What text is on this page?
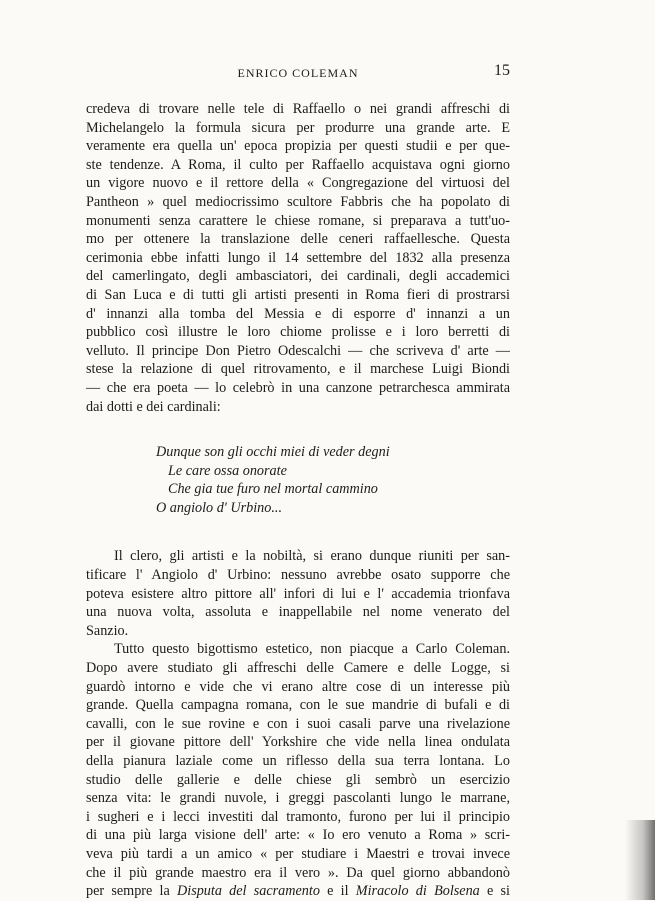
ENRICO COLEMAN	15
credeva di trovare nelle tele di Raffaello o nei grandi affreschi di
Michelangelo la formula sicura per produrre una grande arte. E
veramente era quella un' epoca propizia per questi studii e per que-
ste tendenze. A Roma, il culto per Raffaello acquistava ogni giorno
un vigore nuovo e il rettore della « Congregazione del virtuosi del
Pantheon » quel mediocrissimo scultore Fabbris che ha popolato di
monumenti senza carattere le chiese romane, si preparava a tutt'uo-
mo per ottenere la translazione delle ceneri raffaellesche. Questa
cerimonia ebbe infatti lungo il 14 settembre del 1832 alla presenza
del camerlingato, degli ambasciatori, dei cardinali, degli accademici
di San Luca e di tutti gli artisti presenti in Roma fieri di prostrarsi
d' innanzi alla tomba del Messia e di esporre d' innanzi a un
pubblico così illustre le loro chiome prolisse e i loro berretti di
velluto. Il principe Don Pietro Odescalchi — che scriveva d' arte —
stese la relazione di quel ritrovamento, e il marchese Luigi Biondi
— che era poeta — lo celebrò in una canzone petrarchesca ammirata
dai dotti e dei cardinali:
Dunque son gli occhi miei di veder degni
Le care ossa onorate
Che gia tue furo nel mortal cammino
O angiolo d' Urbino...
Il clero, gli artisti e la nobiltà, si erano dunque riuniti per san-
tificare l' Angiolo d' Urbino: nessuno avrebbe osato supporre che
poteva esistere altro pittore all' infori di lui e l' accademia trionfava
una nuova volta, assoluta e inappellabile nel nome venerato del
Sanzio.
Tutto questo bigottismo estetico, non piacque a Carlo Coleman.
Dopo avere studiato gli affreschi delle Camere e delle Logge, si
guardò intorno e vide che vi erano altre cose di un interesse più
grande. Quella campagna romana, con le sue mandrie di bufali e di
cavalli, con le sue rovine e con i suoi casali parve una rivelazione
per il giovane pittore dell' Yorkshire che vide nella linea ondulata
della pianura laziale come un riflesso della sua terra lontana. Lo
studio delle gallerie e delle chiese gli sembrò un esercizio
senza vita: le grandi nuvole, i greggi pascolanti lungo le marrane,
i sugheri e i lecci investiti dal tramonto, furono per lui il principio
di una più larga visione dell' arte: « Io ero venuto a Roma » scri-
veva più tardi a un amico « per studiare i Maestri e trovai invece
che il più grande maestro era il vero ». Da quel giorno abbandonò
per sempre la Disputa del sacramento e il Miracolo di Bolsena e si
